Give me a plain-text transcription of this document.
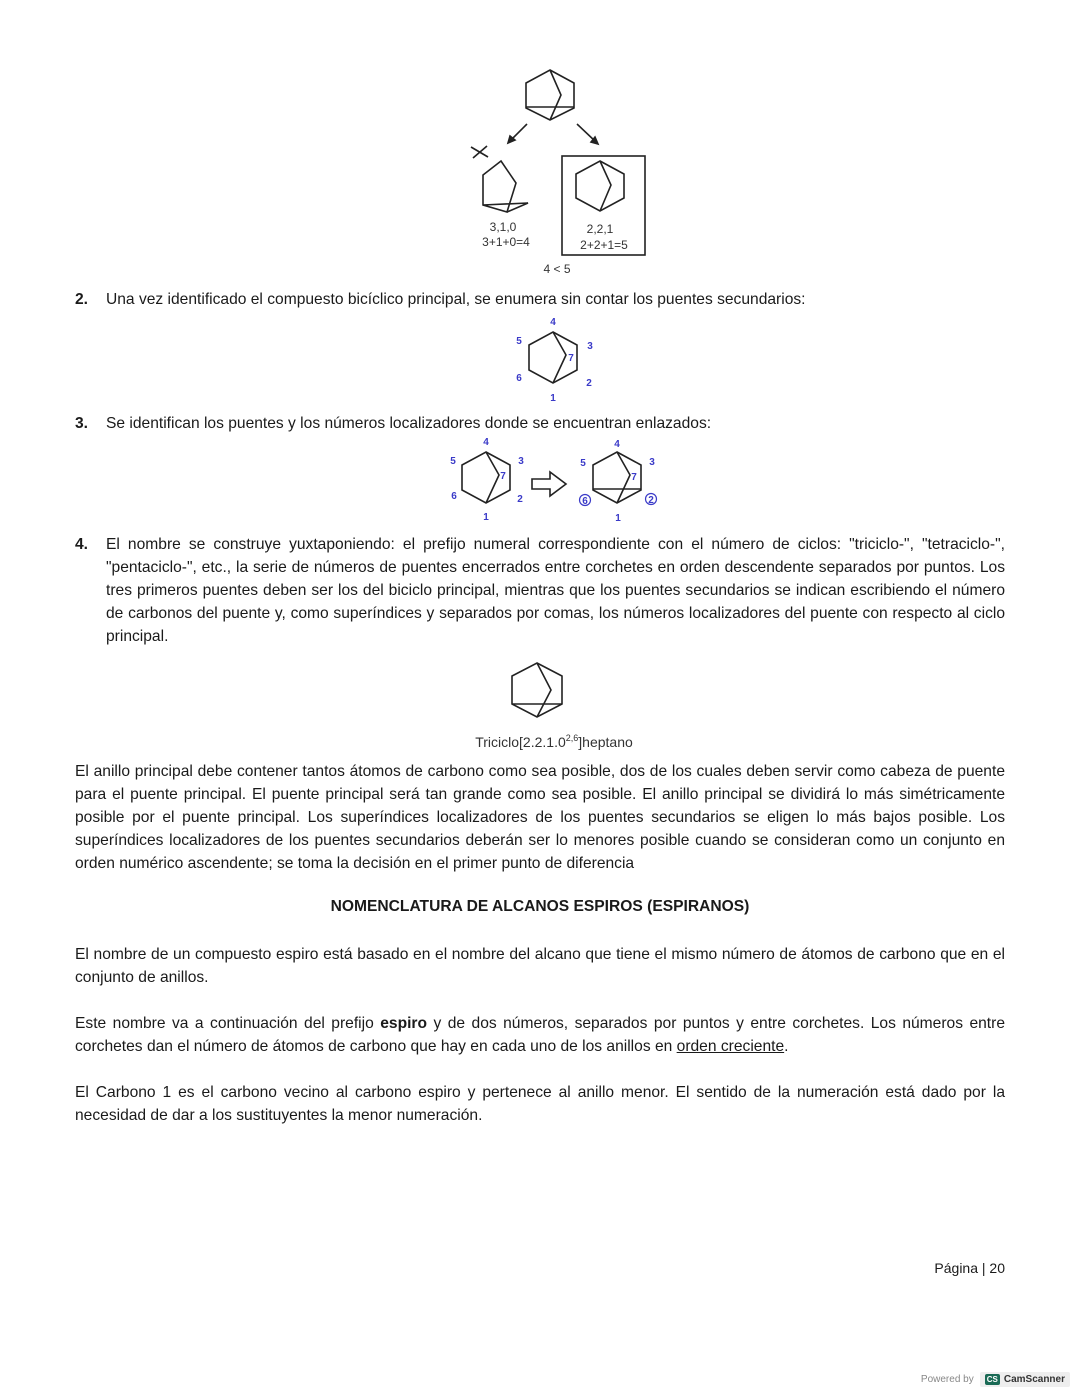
3,1,0
3+1+0=4
2,2,1
2+2+1=5
4 < 5
4
5	3
7
6	2
1
4
5	3
7
6	2
1
4
5	3
7
6	2
1
Triciclo[2.2.1.0$^{2,6}$]heptano
2. Una vez identificado el compuesto bicíclico principal, se enumera sin contar los puentes secundarios:
3. Se identifican los puentes y los números localizadores donde se encuentran enlazados:
4. El nombre se construye yuxtaponiendo: el prefijo numeral correspondiente con el número de ciclos: "triciclo-", "tetraciclo-", "pentaciclo-", etc., la serie de números de puentes encerrados entre corchetes en orden descendente separados por puntos. Los tres primeros puentes deben ser los del biciclo principal, mientras que los puentes secundarios se indican escribiendo el número de carbonos del puente y, como superíndices y separados por comas, los números localizadores del puente con respecto al ciclo principal.
El anillo principal debe contener tantos átomos de carbono como sea posible, dos de los cuales deben servir como cabeza de puente para el puente principal. El puente principal será tan grande como sea posible. El anillo principal se dividirá lo más simétricamente posible por el puente principal. Los superíndices localizadores de los puentes secundarios se eligen lo más bajos posible. Los superíndices localizadores de los puentes secundarios deberán ser lo menores posible cuando se consideran como un conjunto en orden numérico ascendente; se toma la decisión en el primer punto de diferencia
NOMENCLATURA DE ALCANOS ESPIROS (ESPIRANOS)
El nombre de un compuesto espiro está basado en el nombre del alcano que tiene el mismo número de átomos de carbono que en el conjunto de anillos.
Este nombre va a continuación del prefijo espiro y de dos números, separados por puntos y entre corchetes. Los números entre corchetes dan el número de átomos de carbono que hay en cada uno de los anillos en orden creciente.
El Carbono 1 es el carbono vecino al carbono espiro y pertenece al anillo menor. El sentido de la numeración está dado por la necesidad de dar a los sustituyentes la menor numeración.
Página | 20
Powered by CS CamScanner
